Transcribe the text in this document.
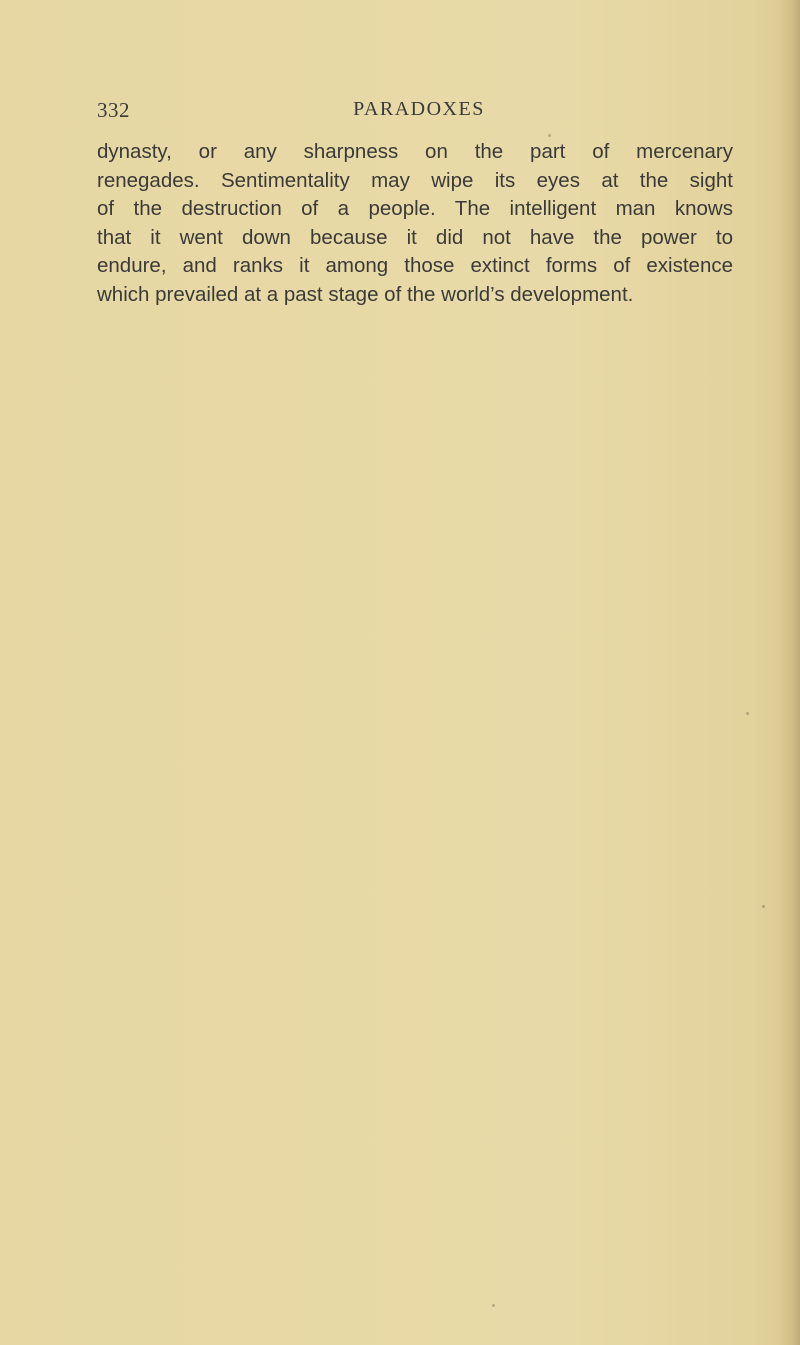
332	PARADOXES
dynasty, or any sharpness on the part of mercenary
renegades. Sentimentality may wipe its eyes at the sight
of the destruction of a people. The intelligent man knows
that it went down because it did not have the power to
endure, and ranks it among those extinct forms of existence
which prevailed at a past stage of the world’s development.
